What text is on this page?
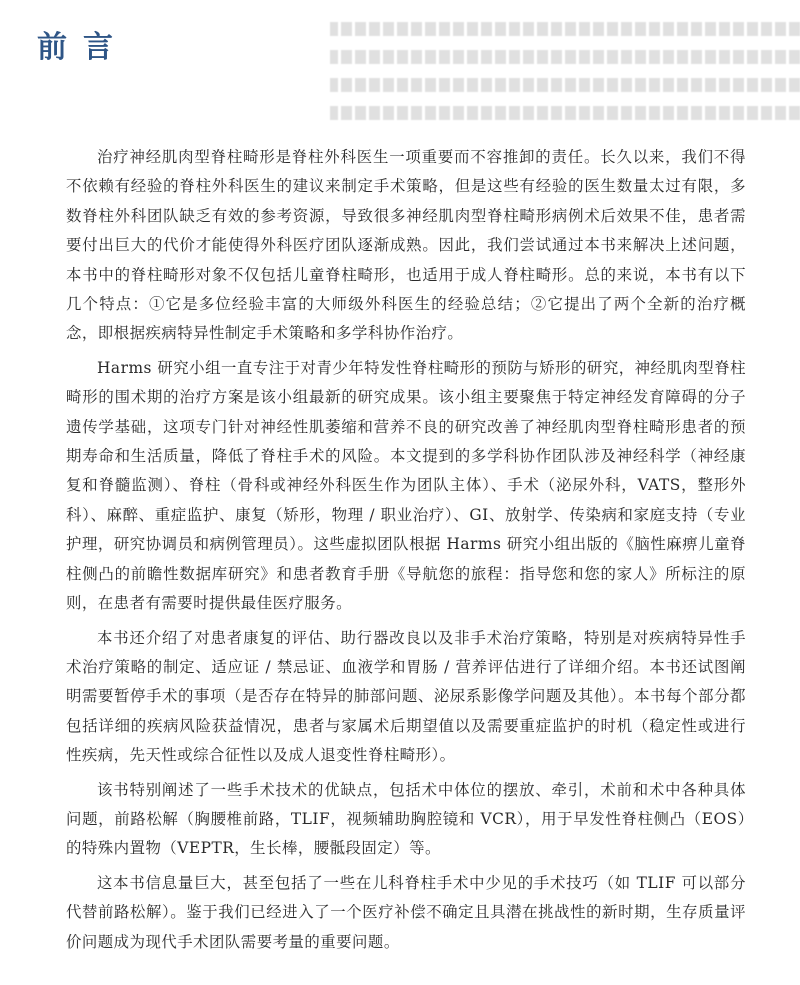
前言

治疗神经肌肉型脊柱畸形是脊柱外科医生一项重要而不容推卸的责任。长久以来，我们不得不依赖有经验的脊柱外科医生的建议来制定手术策略，但是这些有经验的医生数量太过有限，多数脊柱外科团队缺乏有效的参考资源，导致很多神经肌肉型脊柱畸形病例术后效果不佳，患者需要付出巨大的代价才能使得外科医疗团队逐渐成熟。因此，我们尝试通过本书来解决上述问题，本书中的脊柱畸形对象不仅包括儿童脊柱畸形，也适用于成人脊柱畸形。总的来说，本书有以下几个特点：①它是多位经验丰富的大师级外科医生的经验总结；②它提出了两个全新的治疗概念，即根据疾病特异性制定手术策略和多学科协作治疗。

Harms 研究小组一直专注于对青少年特发性脊柱畸形的预防与矫形的研究，神经肌肉型脊柱畸形的围术期的治疗方案是该小组最新的研究成果。该小组主要聚焦于特定神经发育障碍的分子遗传学基础，这项专门针对神经性肌萎缩和营养不良的研究改善了神经肌肉型脊柱畸形患者的预期寿命和生活质量，降低了脊柱手术的风险。本文提到的多学科协作团队涉及神经科学（神经康复和脊髓监测）、脊柱（骨科或神经外科医生作为团队主体）、手术（泌尿外科，VATS，整形外科）、麻醉、重症监护、康复（矫形，物理 / 职业治疗）、GI、放射学、传染病和家庭支持（专业护理，研究协调员和病例管理员）。这些虚拟团队根据 Harms 研究小组出版的《脑性麻痹儿童脊柱侧凸的前瞻性数据库研究》和患者教育手册《导航您的旅程：指导您和您的家人》所标注的原则，在患者有需要时提供最佳医疗服务。

本书还介绍了对患者康复的评估、助行器改良以及非手术治疗策略，特别是对疾病特异性手术治疗策略的制定、适应证 / 禁忌证、血液学和胃肠 / 营养评估进行了详细介绍。本书还试图阐明需要暂停手术的事项（是否存在特异的肺部问题、泌尿系影像学问题及其他）。本书每个部分都包括详细的疾病风险获益情况，患者与家属术后期望值以及需要重症监护的时机（稳定性或进行性疾病，先天性或综合征性以及成人退变性脊柱畸形）。

该书特别阐述了一些手术技术的优缺点，包括术中体位的摆放、牵引，术前和术中各种具体问题，前路松解（胸腰椎前路，TLIF，视频辅助胸腔镜和 VCR），用于早发性脊柱侧凸（EOS）的特殊内置物（VEPTR，生长棒，腰骶段固定）等。

这本书信息量巨大，甚至包括了一些在儿科脊柱手术中少见的手术技巧（如 TLIF 可以部分代替前路松解）。鉴于我们已经进入了一个医疗补偿不确定且具潜在挑战性的新时期，生存质量评价问题成为现代手术团队需要考量的重要问题。
